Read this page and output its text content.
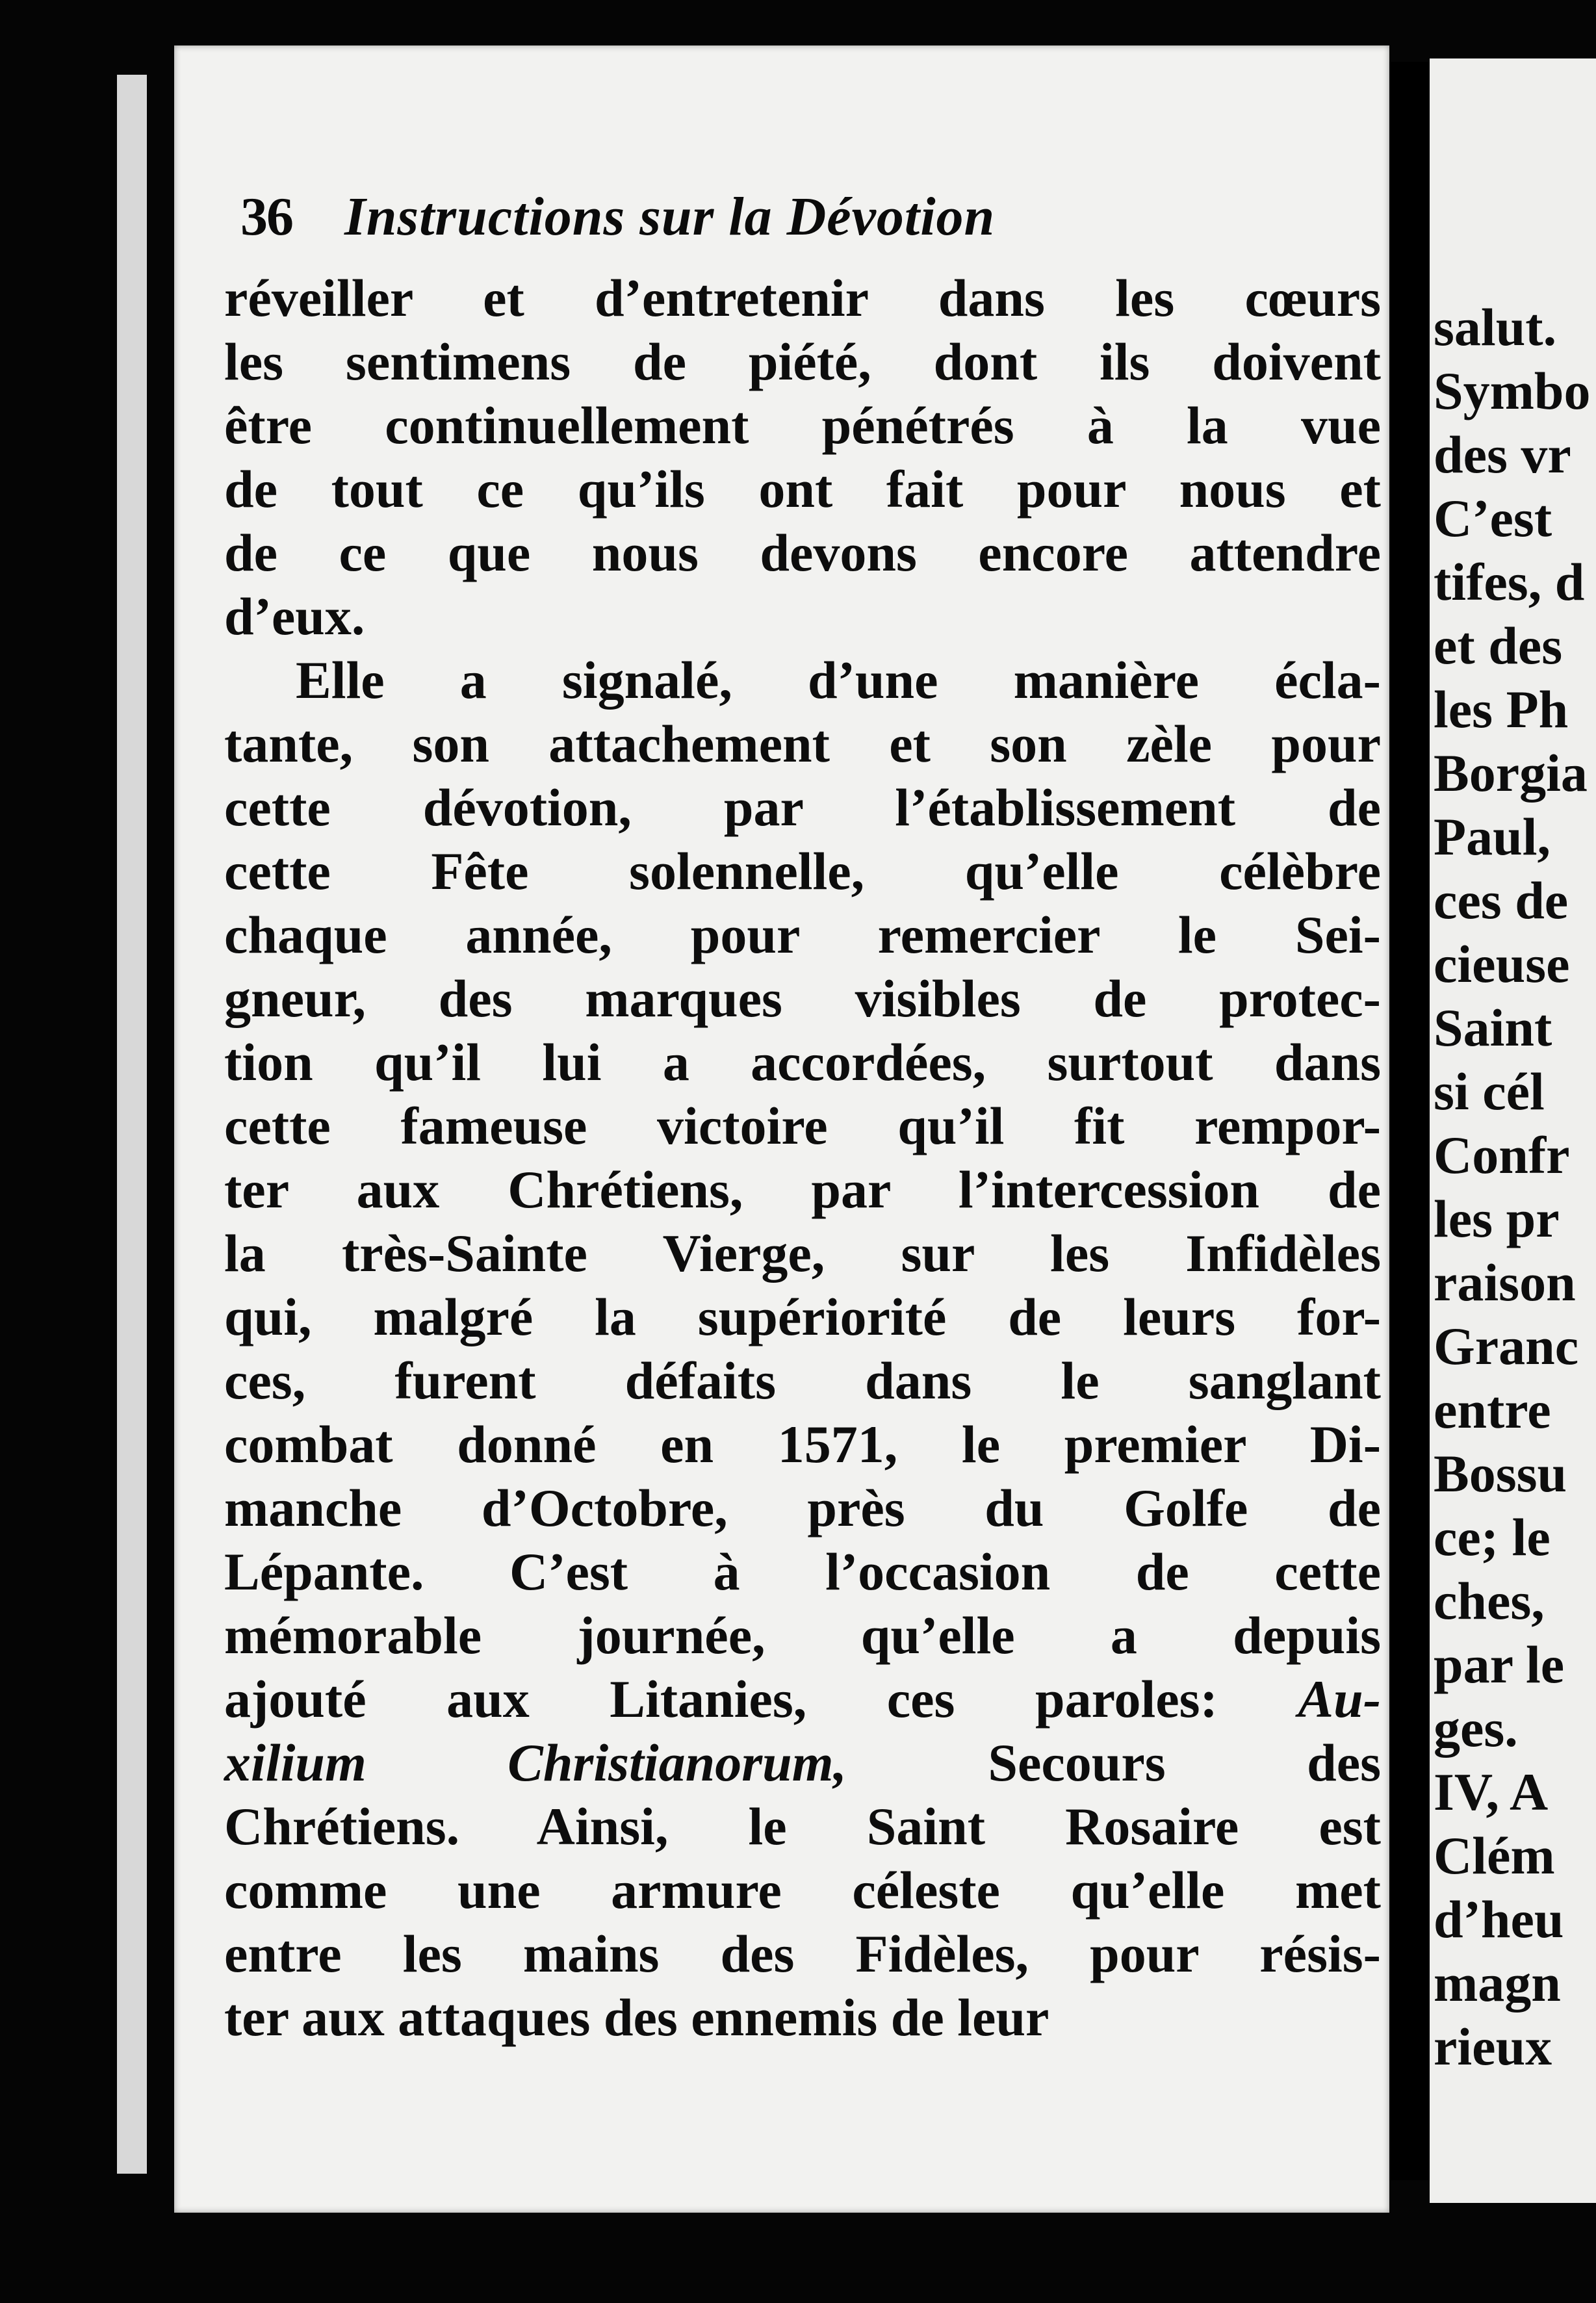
36 Instructions sur la Dévotion
réveiller et d’entretenir dans les cœurs
les sentimens de piété, dont ils doivent
être continuellement pénétrés à la vue
de tout ce qu’ils ont fait pour nous et
de ce que nous devons encore attendre
d’eux.
Elle a signalé, d’une manière écla-
tante, son attachement et son zèle pour
cette dévotion, par l’établissement de
cette Fête solennelle, qu’elle célèbre
chaque année, pour remercier le Sei-
gneur, des marques visibles de protec-
tion qu’il lui a accordées, surtout dans
cette fameuse victoire qu’il fit rempor-
ter aux Chrétiens, par l’intercession de
la très-Sainte Vierge, sur les Infidèles
qui, malgré la supériorité de leurs for-
ces, furent défaits dans le sanglant
combat donné en 1571, le premier Di-
manche d’Octobre, près du Golfe de
Lépante. C’est à l’occasion de cette
mémorable journée, qu’elle a depuis
ajouté aux Litanies, ces paroles: Au-
xilium Christianorum, Secours des
Chrétiens. Ainsi, le Saint Rosaire est
comme une armure céleste qu’elle met
entre les mains des Fidèles, pour résis-
ter aux attaques des ennemis de leur
salut.
Symbo
des vr
C’est
tifes, d
et des
les Ph
Borgia
Paul,
ces de
cieuse
Saint
si cél
Confr
les pr
raison
Granc
entre
Bossu
ce; le
ches,
par le
ges.
IV, A
Clém
d’heu
magn
rieux
